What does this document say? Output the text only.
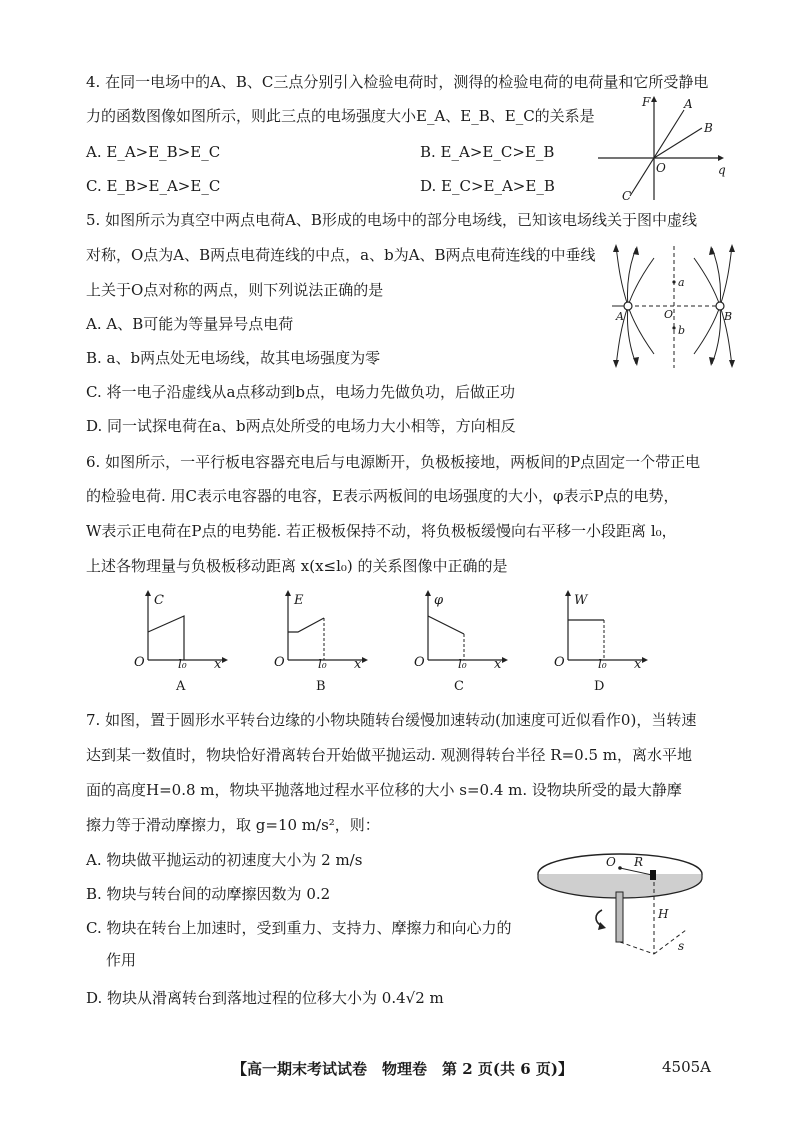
4. 在同一电场中的A、B、C三点分别引入检验电荷时，测得的检验电荷的电荷量和它所受静电
力的函数图像如图所示，则此三点的电场强度大小E_A、E_B、E_C的关系是
A. E_A>E_B>E_C	B. E_A>E_C>E_B
C. E_B>E_A>E_C	D. E_C>E_A>E_B
F	A
B
O	q
C
5. 如图所示为真空中两点电荷A、B形成的电场中的部分电场线，已知该电场线关于图中虚线
对称，O点为A、B两点电荷连线的中点，a、b为A、B两点电荷连线的中垂线
上关于O点对称的两点，则下列说法正确的是
A. A、B可能为等量异号点电荷
B. a、b两点处无电场线，故其电场强度为零
C. 将一电子沿虚线从a点移动到b点，电场力先做负功，后做正功
D. 同一试探电荷在a、b两点处所受的电场力大小相等，方向相反
A	B
O
a
b
6. 如图所示，一平行板电容器充电后与电源断开，负极板接地，两板间的P点固定一个带正电
的检验电荷. 用C表示电容器的电容，E表示两板间的电场强度的大小，φ表示P点的电势，
W表示正电荷在P点的电势能. 若正极板保持不动，将负极板缓慢向右平移一小段距离 l₀，
上述各物理量与负极板移动距离 x(x≤l₀) 的关系图像中正确的是
C
O	l₀ x
A
E
O	l₀ x
B
φ
O	l₀ x
C
W
O	l₀ x
D
7. 如图，置于圆形水平转台边缘的小物块随转台缓慢加速转动(加速度可近似看作0)，当转速
达到某一数值时，物块恰好滑离转台开始做平抛运动. 观测得转台半径 R=0.5 m，离水平地
面的高度H=0.8 m，物块平抛落地过程水平位移的大小 s=0.4 m. 设物块所受的最大静摩
擦力等于滑动摩擦力，取 g=10 m/s²，则：
A. 物块做平抛运动的初速度大小为 2 m/s
B. 物块与转台间的动摩擦因数为 0.2
C. 物块在转台上加速时，受到重力、支持力、摩擦力和向心力的
作用
D. 物块从滑离转台到落地过程的位移大小为 0.4√2 m
O R
H
s
【高一期末考试试卷　物理卷　第 2 页(共 6 页)】	4505A
